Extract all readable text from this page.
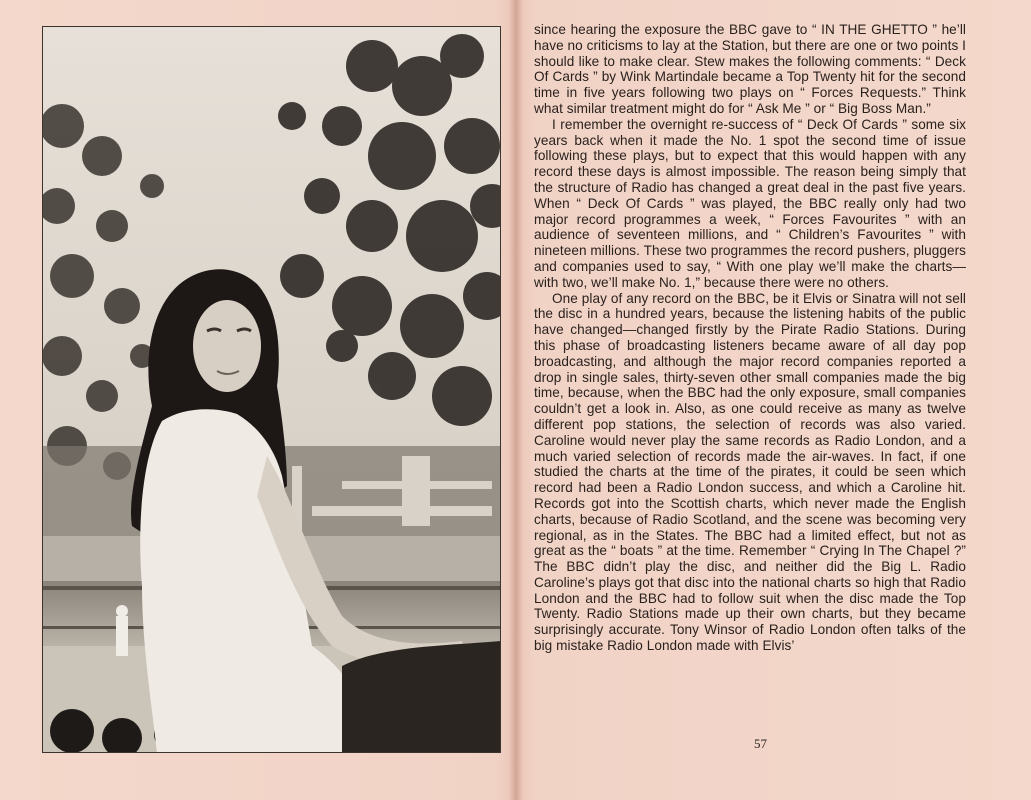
since hearing the exposure the BBC gave to “ IN THE GHETTO ” he’ll have no criticisms to lay at the Station, but there are one or two points I should like to make clear. Stew makes the following comments: “ Deck Of Cards ” by Wink Martindale became a Top Twenty hit for the second time in five years following two plays on “ Forces Requests.” Think what similar treatment might do for “ Ask Me ” or “ Big Boss Man.”

I remember the overnight re-success of “ Deck Of Cards ” some six years back when it made the No. 1 spot the second time of issue following these plays, but to expect that this would happen with any record these days is almost impossible. The reason being simply that the structure of Radio has changed a great deal in the past five years. When “ Deck Of Cards ” was played, the BBC really only had two major record programmes a week, “ Forces Favourites ” with an audience of seventeen millions, and “ Children’s Favourites ” with nineteen millions. These two programmes the record pushers, pluggers and companies used to say, “ With one play we’ll make the charts—with two, we’ll make No. 1,” because there were no others.

One play of any record on the BBC, be it Elvis or Sinatra will not sell the disc in a hundred years, because the listening habits of the public have changed—changed firstly by the Pirate Radio Stations. During this phase of broadcasting listeners became aware of all day pop broadcasting, and although the major record companies reported a drop in single sales, thirty-seven other small companies made the big time, because, when the BBC had the only exposure, small companies couldn’t get a look in. Also, as one could receive as many as twelve different pop stations, the selection of records was also varied. Caroline would never play the same records as Radio London, and a much varied selection of records made the air-waves. In fact, if one studied the charts at the time of the pirates, it could be seen which record had been a Radio London success, and which a Caroline hit. Records got into the Scottish charts, which never made the English charts, because of Radio Scotland, and the scene was becoming very regional, as in the States. The BBC had a limited effect, but not as great as the “ boats ” at the time. Remember “ Crying In The Chapel ?” The BBC didn’t play the disc, and neither did the Big L. Radio Caroline’s plays got that disc into the national charts so high that Radio London and the BBC had to follow suit when the disc made the Top Twenty. Radio Stations made up their own charts, but they became surprisingly accurate. Tony Winsor of Radio London often talks of the big mistake Radio London made with Elvis’

57
